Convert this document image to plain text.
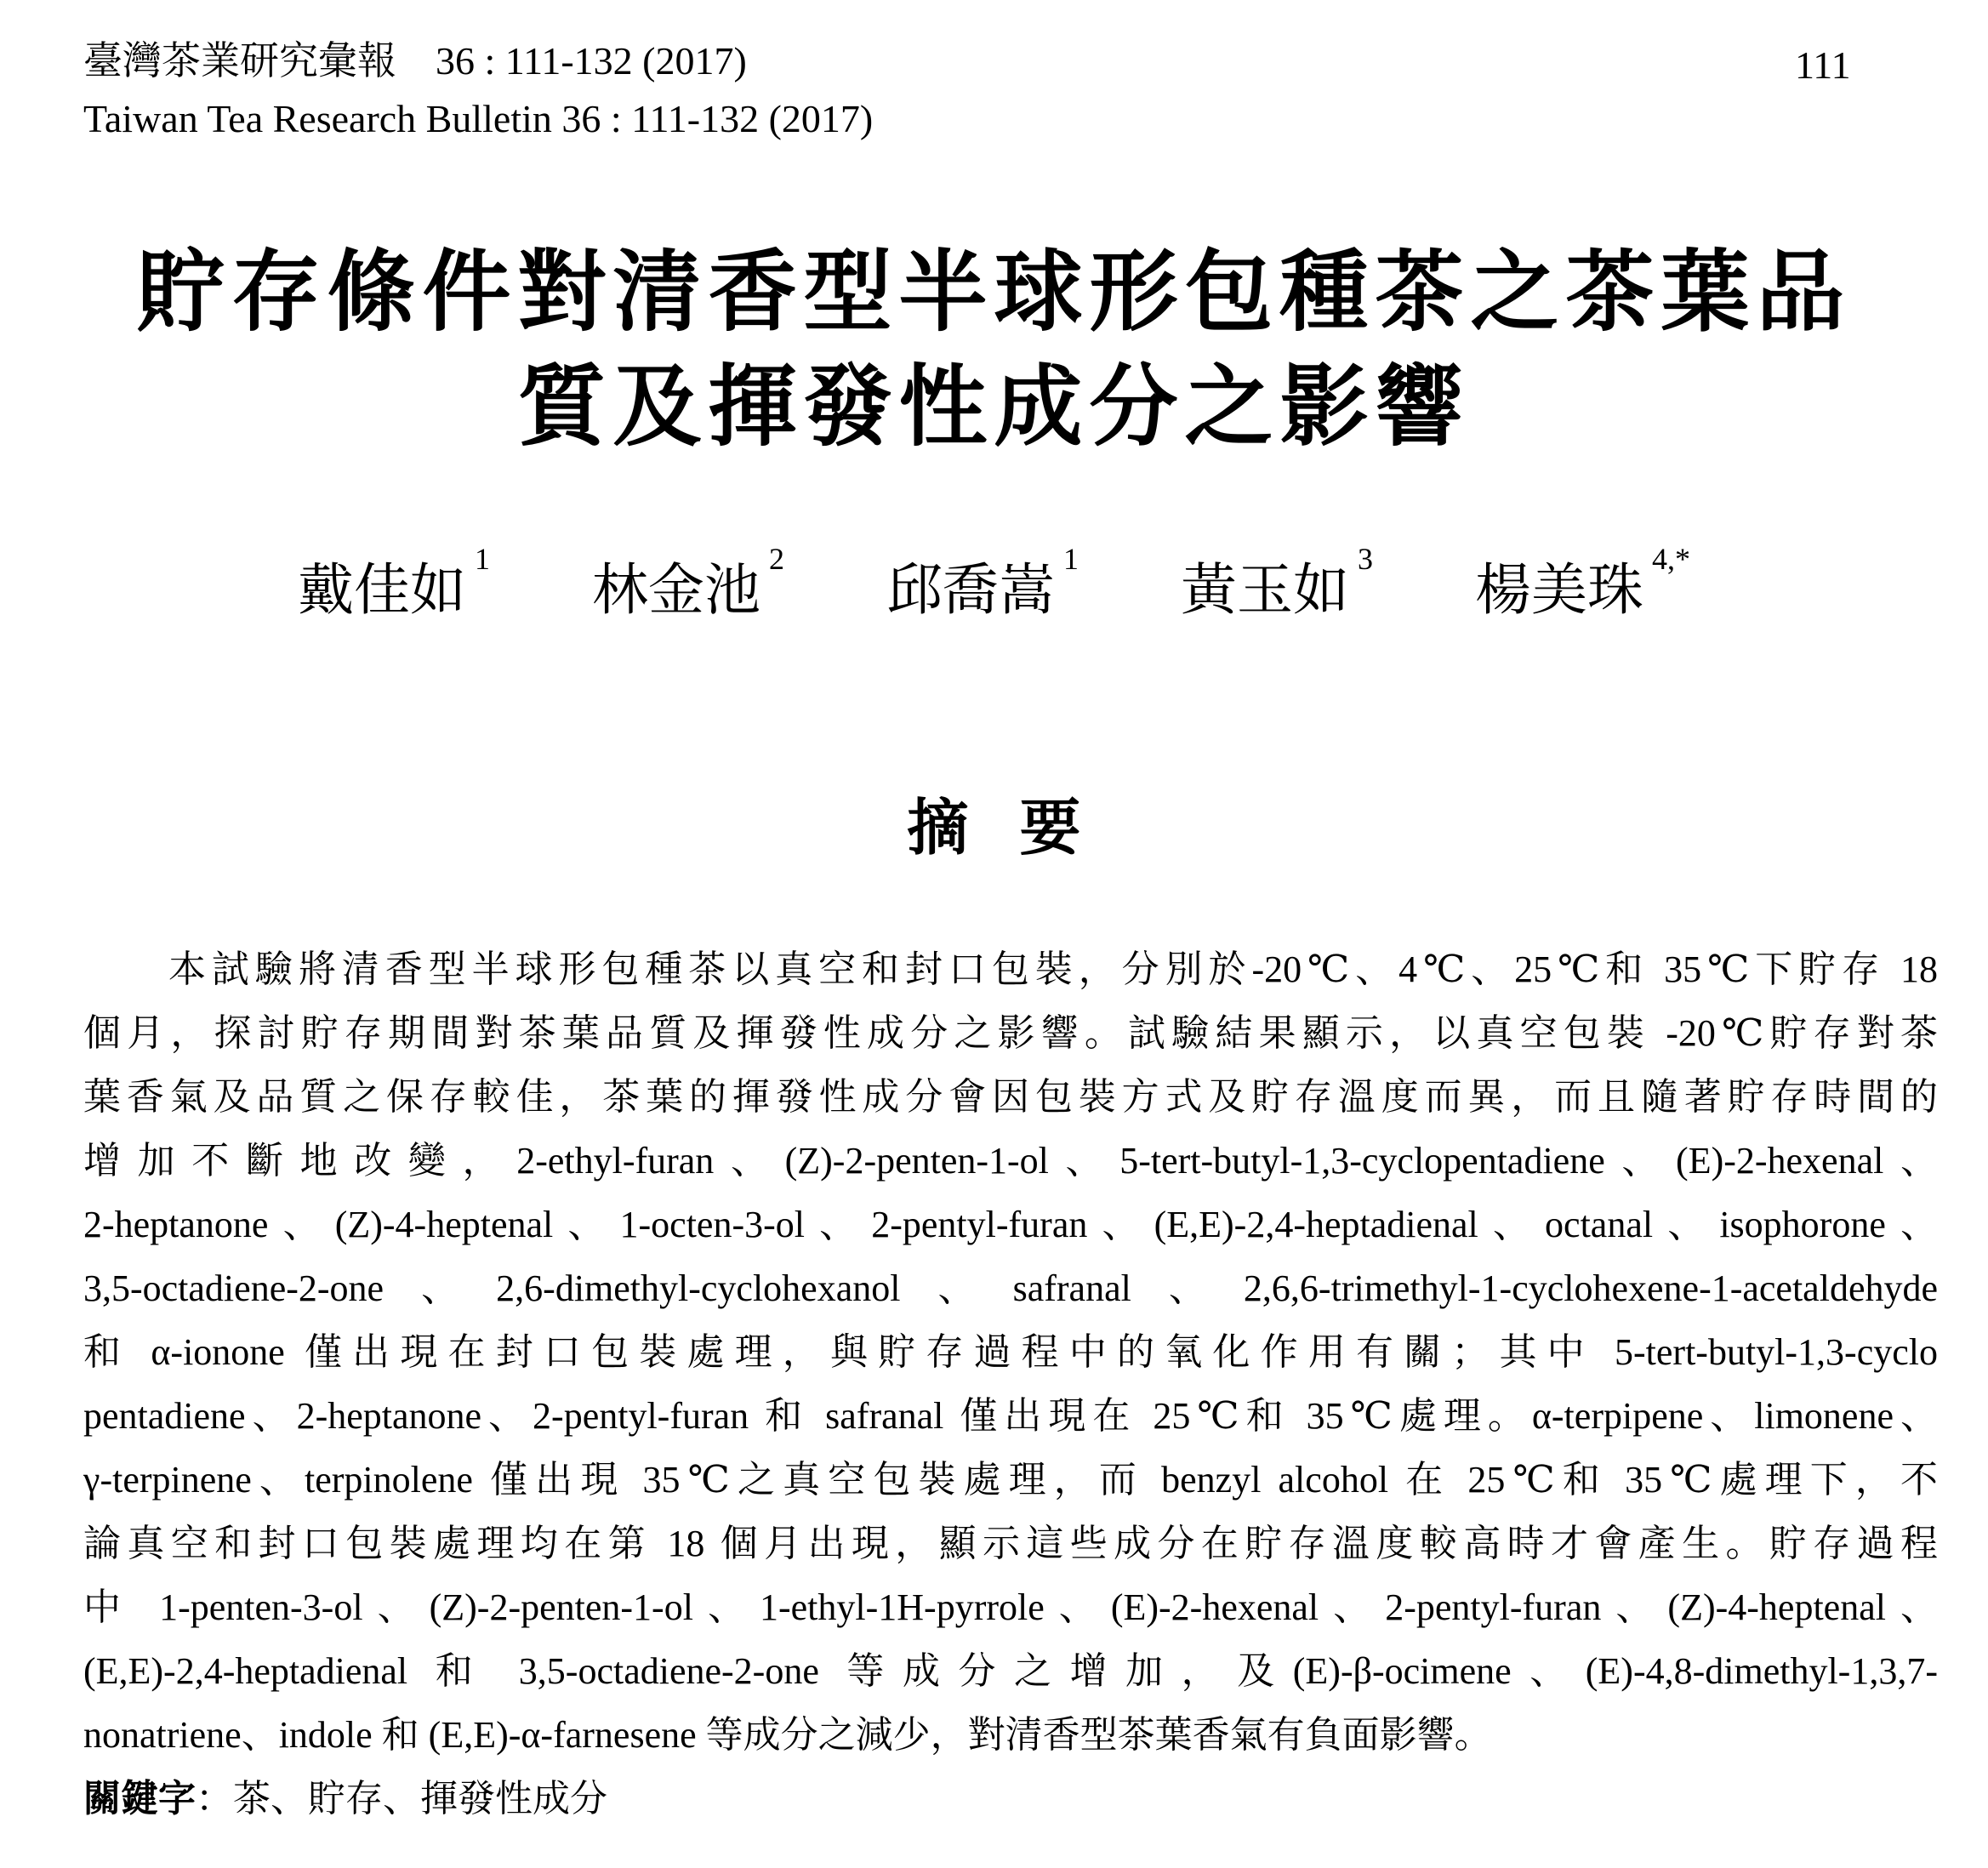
臺灣茶業研究彙報　36 : 111-132 (2017)
Taiwan Tea Research Bulletin 36 : 111-132 (2017)
111
貯存條件對清香型半球形包種茶之茶葉品
質及揮發性成分之影響
戴佳如$^1$
林金池$^2$
邱喬嵩$^1$
黃玉如$^3$
楊美珠$^{4,*}$
摘要
本試驗將清香型半球形包種茶以真空和封口包裝，分別於-20℃、4℃、25℃和 35℃下貯存 18
個月，探討貯存期間對茶葉品質及揮發性成分之影響。試驗結果顯示，以真空包裝 -20℃貯存對茶
葉香氣及品質之保存較佳，茶葉的揮發性成分會因包裝方式及貯存溫度而異，而且隨著貯存時間的
增加不斷地改變，2-ethyl-furan、(Z)-2-penten-1-ol、5-tert-butyl-1,3-cyclopentadiene、(E)-2-hexenal、
2-heptanone、(Z)-4-heptenal、1-octen-3-ol、2-pentyl-furan、(E,E)-2,4-heptadienal、octanal、isophorone、
3,5-octadiene-2-one、2,6-dimethyl-cyclohexanol、safranal、2,6,6-trimethyl-1-cyclohexene-1-acetaldehyde
和 α-ionone 僅出現在封口包裝處理，與貯存過程中的氧化作用有關；其中 5-tert-butyl-1,3-cyclo
pentadiene、2-heptanone、2-pentyl-furan 和 safranal 僅出現在 25℃和 35℃處理。α-terpipene、limonene、
γ-terpinene、terpinolene 僅出現 35℃之真空包裝處理，而 benzyl alcohol 在 25℃和 35℃處理下，不
論真空和封口包裝處理均在第 18 個月出現，顯示這些成分在貯存溫度較高時才會產生。貯存過程
中 1-penten-3-ol、(Z)-2-penten-1-ol、1-ethyl-1H-pyrrole、(E)-2-hexenal、2-pentyl-furan、(Z)-4-heptenal、
(E,E)-2,4-heptadienal 和 3,5-octadiene-2-one 等成分之增加，及(E)-β-ocimene、(E)-4,8-dimethyl-1,3,7-
nonatriene、indole 和 (E,E)-α-farnesene 等成分之減少，對清香型茶葉香氣有負面影響。
關鍵字：茶、貯存、揮發性成分
